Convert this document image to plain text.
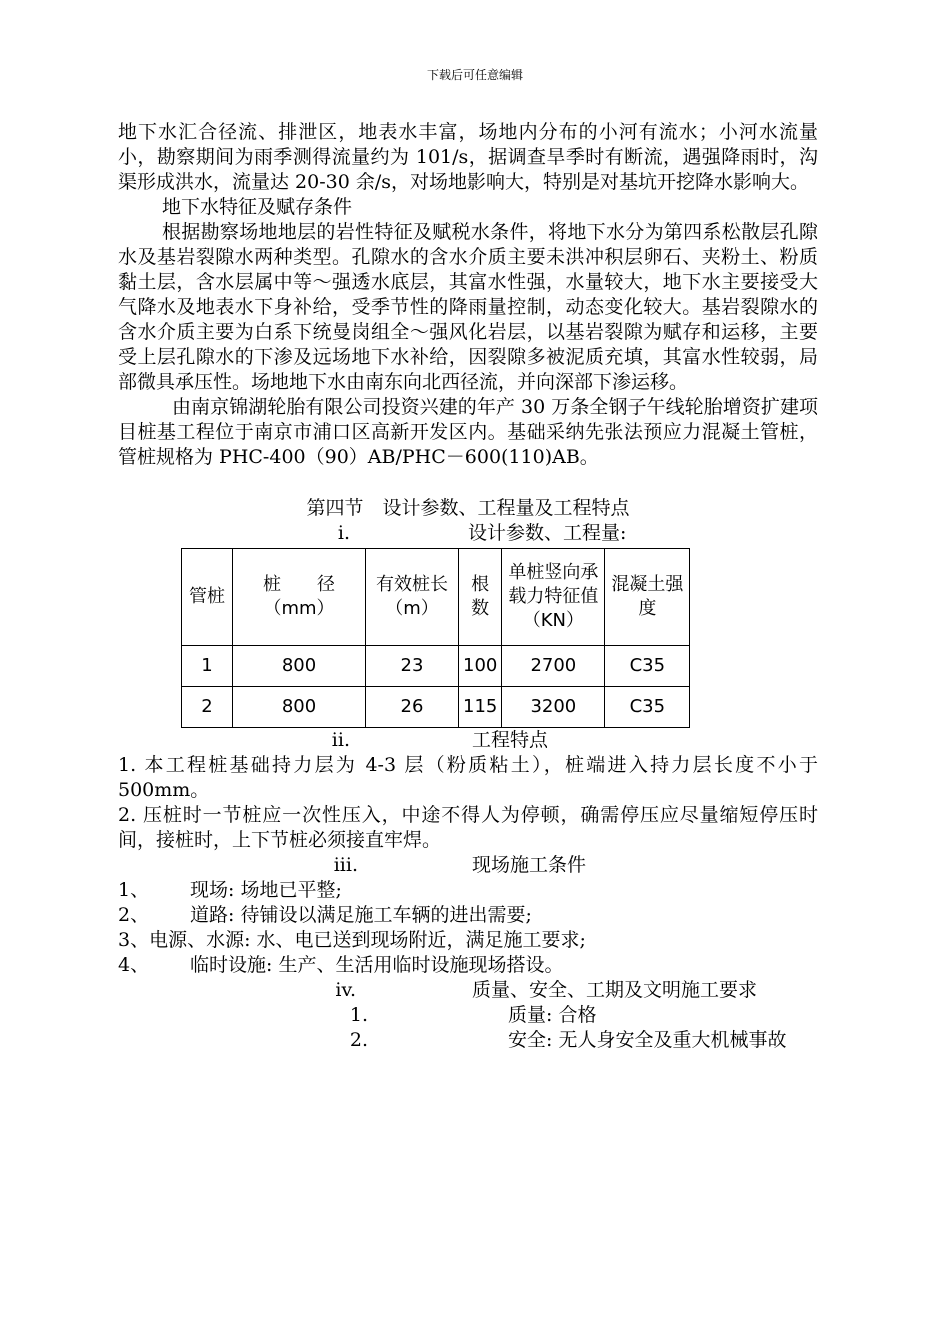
下载后可任意编辑

地下水汇合径流、排泄区，地表水丰富，场地内分布的小河有流水；小河水流量小，勘察期间为雨季测得流量约为 101/s，据调查旱季时有断流，遇强降雨时，沟渠形成洪水，流量达 20-30 余/s，对场地影响大，特别是对基坑开挖降水影响大。

地下水特征及赋存条件

根据勘察场地地层的岩性特征及赋税水条件，将地下水分为第四系松散层孔隙水及基岩裂隙水两种类型。孔隙水的含水介质主要未洪冲积层卵石、夹粉土、粉质黏土层，含水层属中等～强透水底层，其富水性强，水量较大，地下水主要接受大气降水及地表水下身补给，受季节性的降雨量控制，动态变化较大。基岩裂隙水的含水介质主要为白系下统曼岗组全～强风化岩层，以基岩裂隙为赋存和运移，主要受上层孔隙水的下渗及远场地下水补给，因裂隙多被泥质充填，其富水性较弱，局部微具承压性。场地地下水由南东向北西径流，并向深部下渗运移。

由南京锦湖轮胎有限公司投资兴建的年产 30 万条全钢子午线轮胎增资扩建项目桩基工程位于南京市浦口区高新开发区内。基础采纳先张法预应力混凝土管桩，管桩规格为 PHC-400（90）AB/PHC－600(110)AB。

第四节　设计参数、工程量及工程特点

i.	设计参数、工程量:
管桩	桩　　径（mm）	有效桩长（m）	根数	单桩竖向承载力特征值（KN）	混凝土强度
1	800	23	100	2700	C35
2	800	26	115	3200	C35
ii.	工程特点

1. 本工程桩基础持力层为 4-3 层（粉质粘土），桩端进入持力层长度不小于 500mm。

2. 压桩时一节桩应一次性压入，中途不得人为停顿，确需停压应尽量缩短停压时间，接桩时，上下节桩必须接直牢焊。

iii.	现场施工条件
1、	现场: 场地已平整;
2、	道路: 待铺设以满足施工车辆的进出需要;
3、 电源、水源: 水、电已送到现场附近，满足施工要求;
4、	临时设施: 生产、生活用临时设施现场搭设。
iv.	质量、安全、工期及文明施工要求
1.	质量: 合格
2.	安全: 无人身安全及重大机械事故
